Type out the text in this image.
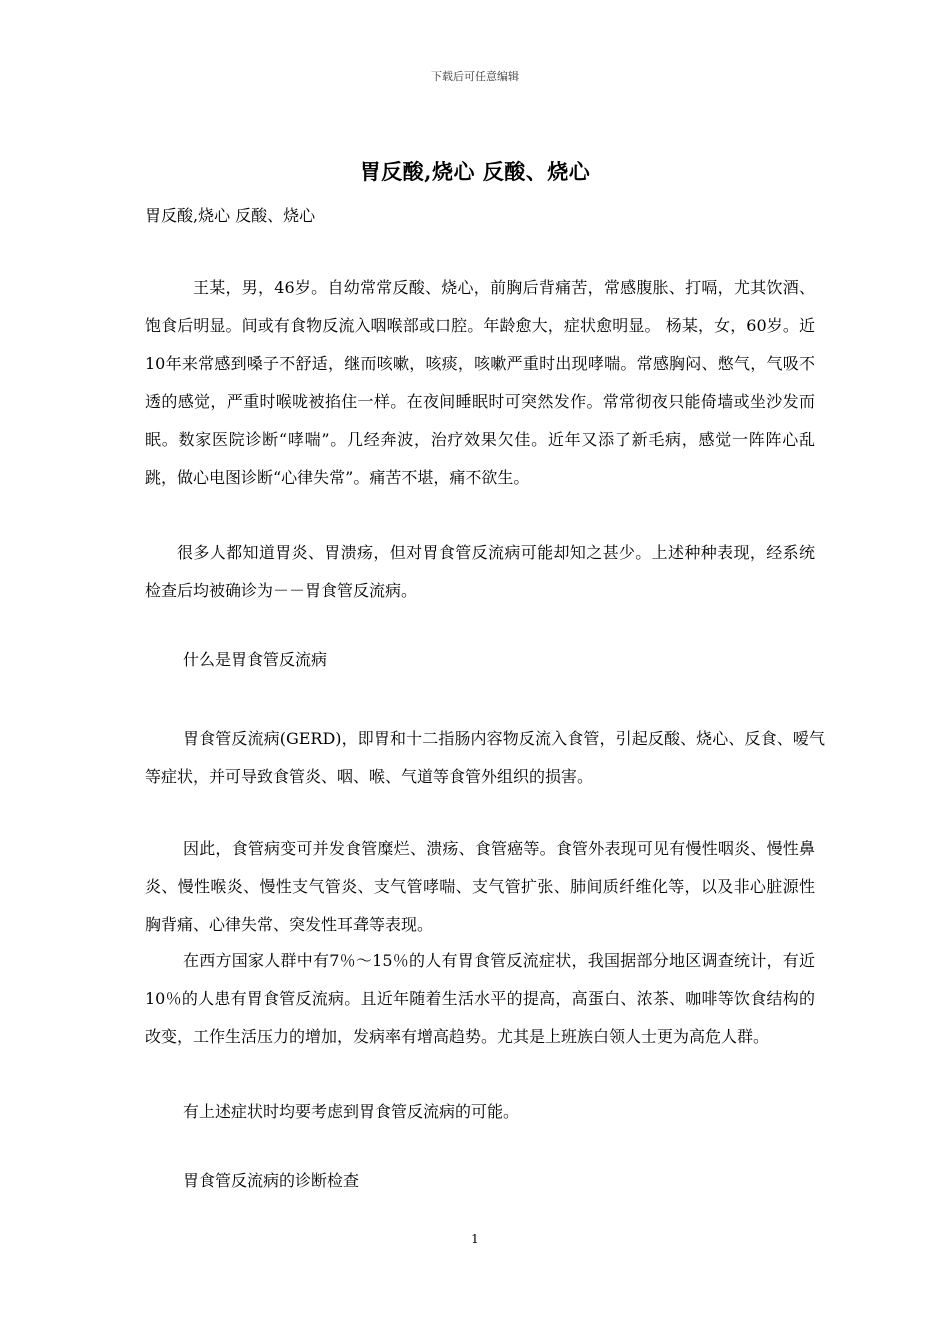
下载后可任意编辑
胃反酸,烧心 反酸、烧心
胃反酸,烧心 反酸、烧心

王某，男，46岁。自幼常常反酸、烧心，前胸后背痛苦，常感腹胀、打嗝，尤其饮酒、饱食后明显。间或有食物反流入咽喉部或口腔。年龄愈大，症状愈明显。 杨某，女，60岁。近10年来常感到嗓子不舒适，继而咳嗽，咳痰，咳嗽严重时出现哮喘。常感胸闷、憋气，气吸不透的感觉，严重时喉咙被掐住一样。在夜间睡眠时可突然发作。常常彻夜只能倚墙或坐沙发而眠。数家医院诊断“哮喘”。几经奔波，治疗效果欠佳。近年又添了新毛病，感觉一阵阵心乱跳，做心电图诊断“心律失常”。痛苦不堪，痛不欲生。

很多人都知道胃炎、胃溃疡，但对胃食管反流病可能却知之甚少。上述种种表现，经系统检查后均被确诊为－－胃食管反流病。

什么是胃食管反流病

胃食管反流病(GERD)，即胃和十二指肠内容物反流入食管，引起反酸、烧心、反食、嗳气等症状，并可导致食管炎、咽、喉、气道等食管外组织的损害。

因此，食管病变可并发食管糜烂、溃疡、食管癌等。食管外表现可见有慢性咽炎、慢性鼻炎、慢性喉炎、慢性支气管炎、支气管哮喘、支气管扩张、肺间质纤维化等，以及非心脏源性胸背痛、心律失常、突发性耳聋等表现。

在西方国家人群中有7％～15％的人有胃食管反流症状，我国据部分地区调查统计，有近10％的人患有胃食管反流病。且近年随着生活水平的提高，高蛋白、浓茶、咖啡等饮食结构的改变，工作生活压力的增加，发病率有增高趋势。尤其是上班族白领人士更为高危人群。

有上述症状时均要考虑到胃食管反流病的可能。

胃食管反流病的诊断检查

1
